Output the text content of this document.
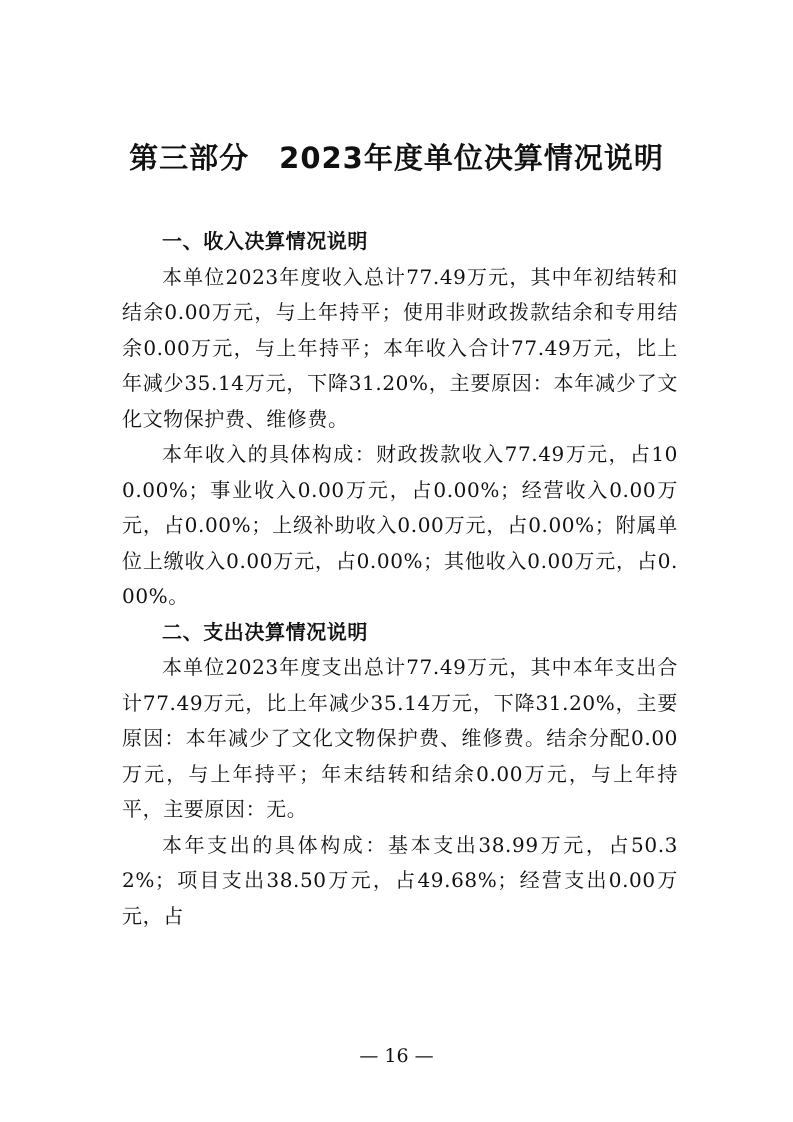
第三部分　2023年度单位决算情况说明

一、收入决算情况说明

本单位2023年度收入总计77.49万元，其中年初结转和结余0.00万元，与上年持平；使用非财政拨款结余和专用结余0.00万元，与上年持平；本年收入合计77.49万元，比上年减少35.14万元，下降31.20%，主要原因：本年减少了文化文物保护费、维修费。

本年收入的具体构成：财政拨款收入77.49万元，占100.00%；事业收入0.00万元，占0.00%；经营收入0.00万元，占0.00%；上级补助收入0.00万元，占0.00%；附属单位上缴收入0.00万元，占0.00%；其他收入0.00万元，占0.00%。

二、支出决算情况说明

本单位2023年度支出总计77.49万元，其中本年支出合计77.49万元，比上年减少35.14万元，下降31.20%，主要原因：本年减少了文化文物保护费、维修费。结余分配0.00万元，与上年持平；年末结转和结余0.00万元，与上年持平，主要原因：无。

本年支出的具体构成：基本支出38.99万元，占50.32%；项目支出38.50万元，占49.68%；经营支出0.00万元，占

— 16 —
